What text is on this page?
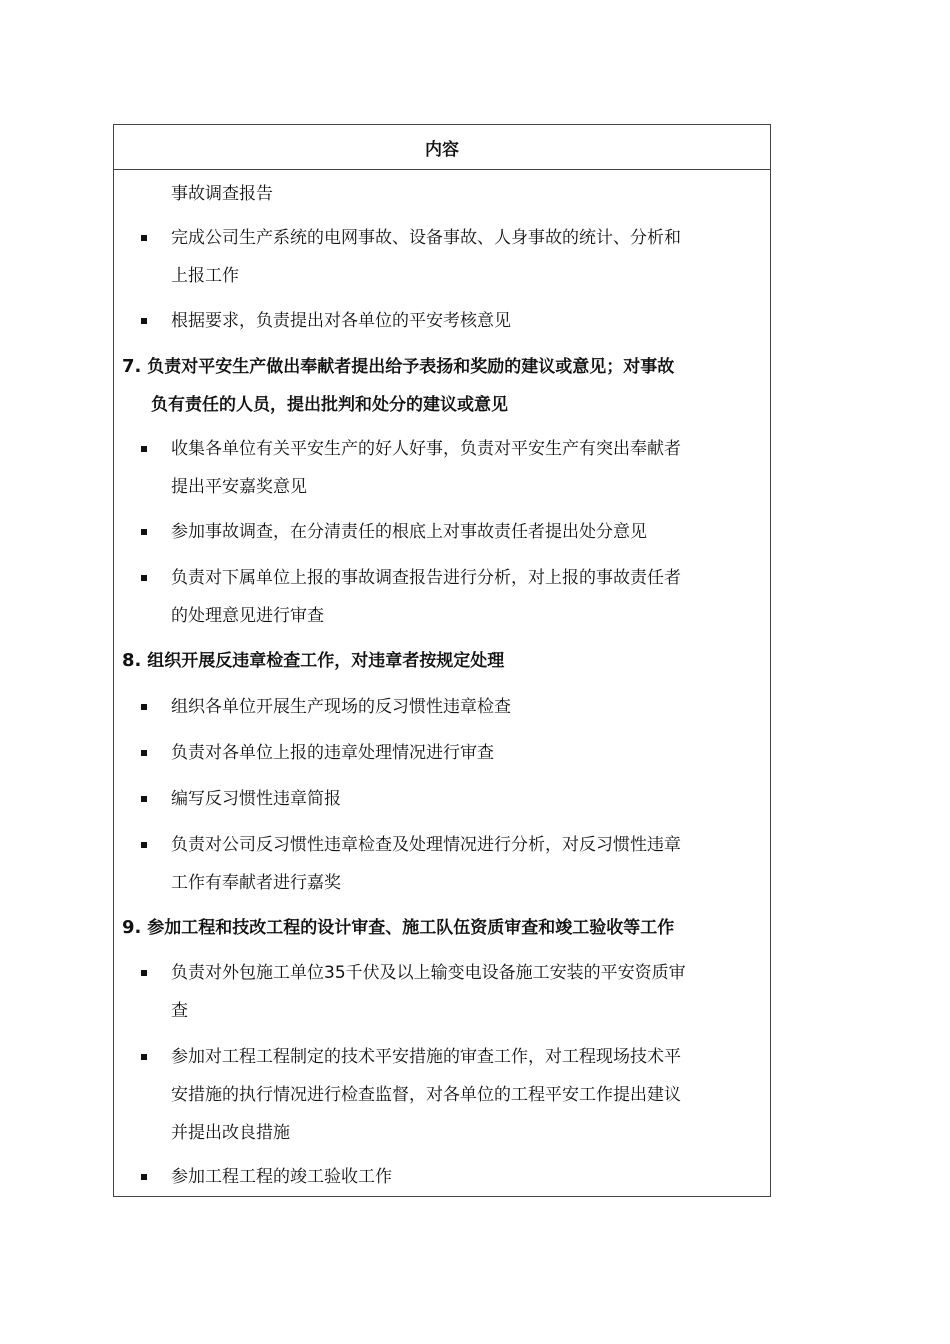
内容
事故调查报告
完成公司生产系统的电网事故、设备事故、人身事故的统计、分析和
上报工作
根据要求，负责提出对各单位的平安考核意见
7. 负责对平安生产做出奉献者提出给予表扬和奖励的建议或意见；对事故
负有责任的人员，提出批判和处分的建议或意见
收集各单位有关平安生产的好人好事，负责对平安生产有突出奉献者
提出平安嘉奖意见
参加事故调查，在分清责任的根底上对事故责任者提出处分意见
负责对下属单位上报的事故调查报告进行分析，对上报的事故责任者
的处理意见进行审查
8. 组织开展反违章检查工作，对违章者按规定处理
组织各单位开展生产现场的反习惯性违章检查
负责对各单位上报的违章处理情况进行审查
编写反习惯性违章简报
负责对公司反习惯性违章检查及处理情况进行分析，对反习惯性违章
工作有奉献者进行嘉奖
9. 参加工程和技改工程的设计审查、施工队伍资质审查和竣工验收等工作
负责对外包施工单位35千伏及以上输变电设备施工安装的平安资质审
查
参加对工程工程制定的技术平安措施的审查工作，对工程现场技术平
安措施的执行情况进行检查监督，对各单位的工程平安工作提出建议
并提出改良措施
参加工程工程的竣工验收工作
